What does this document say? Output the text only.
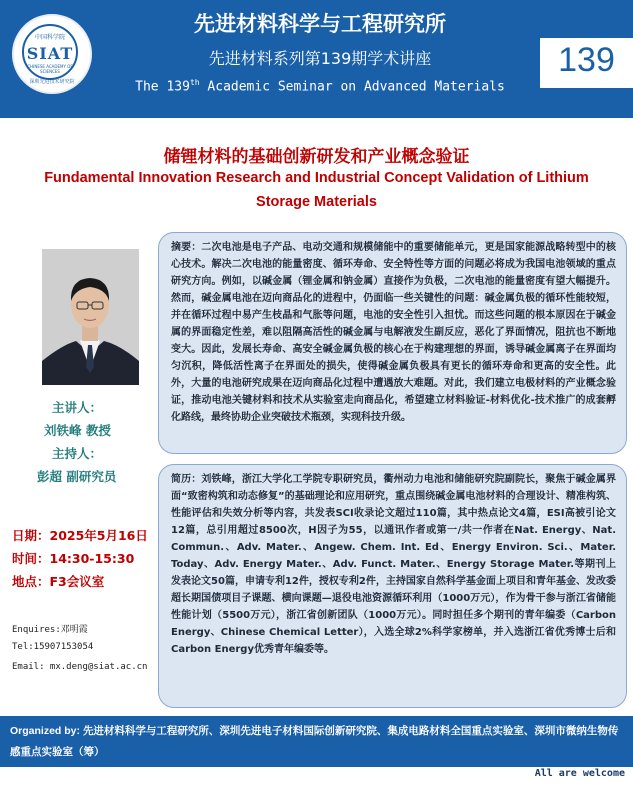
中国科学院
SIAT
CHINESE ACADEMY OF SCIENCES
深圳先进技术研究院
先进材料科学与工程研究所
先进材料系列第139期学术讲座
The 139th Academic Seminar on Advanced Materials
139
储锂材料的基础创新研发和产业概念验证
Fundamental Innovation Research and Industrial Concept Validation of Lithium Storage Materials
主讲人：
刘铁峰 教授
主持人：
彭超 副研究员
日期：2025年5月16日
时间：14:30-15:30
地点：F3会议室
Enquires:邓明霞
Tel:15907153054
Email: mx.deng@siat.ac.cn
摘要：二次电池是电子产品、电动交通和规模储能中的重要储能单元，更是国家能源战略转型中的核心技术。解决二次电池的能量密度、循环寿命、安全特性等方面的问题必将成为我国电池领域的重点研究方向。例如，以碱金属（锂金属和钠金属）直接作为负极，二次电池的能量密度有望大幅提升。然而，碱金属电池在迈向商品化的进程中，仍面临一些关键性的问题：碱金属负极的循环性能较短，并在循环过程中易产生枝晶和气胀等问题，电池的安全性引入担忧。而这些问题的根本原因在于碱金属的界面稳定性差，难以阻隔高活性的碱金属与电解液发生副反应，恶化了界面情况，阻抗也不断地变大。因此，发展长寿命、高安全碱金属负极的核心在于构建理想的界面，诱导碱金属离子在界面均匀沉积，降低活性离子在界面处的损失，使得碱金属负极具有更长的循环寿命和更高的安全性。此外，大量的电池研究成果在迈向商品化过程中遭遇放大难题。对此，我们建立电极材料的产业概念验证，推动电池关键材料和技术从实验室走向商品化，希望建立材料验证-材料优化-技术推广的成套孵化路线，最终协助企业突破技术瓶颈，实现科技升级。
简历：刘铁峰，浙江大学化工学院专职研究员，衢州动力电池和储能研究院副院长，聚焦于碱金属界面“致密构筑和动态修复”的基础理论和应用研究，重点围绕碱金属电池材料的合理设计、精准构筑、性能评估和失效分析等内容，共发表SCI收录论文超过110篇，其中热点论文4篇，ESI高被引论文12篇，总引用超过8500次，H因子为55，以通讯作者或第一/共一作者在Nat. Energy、Nat. Commun.、Adv. Mater.、Angew. Chem. Int. Ed、Energy Environ. Sci.、Mater. Today、Adv. Energy Mater.、Adv. Funct. Mater.、Energy Storage Mater.等期刊上发表论文50篇，申请专利12件，授权专利2件，主持国家自然科学基金面上项目和青年基金、发改委超长期国债项目子课题、横向课题—退役电池资源循环利用（1000万元），作为骨干参与浙江省储能性能计划（5500万元），浙江省创新团队（1000万元）。同时担任多个期刊的青年编委（Carbon Energy、Chinese Chemical Letter），入选全球2%科学家榜单，并入选浙江省优秀博士后和Carbon Energy优秀青年编委等。
Organized by: 先进材料科学与工程研究所、深圳先进电子材料国际创新研究院、集成电路材料全国重点实验室、深圳市微纳生物传感重点实验室（筹）
All are welcome
